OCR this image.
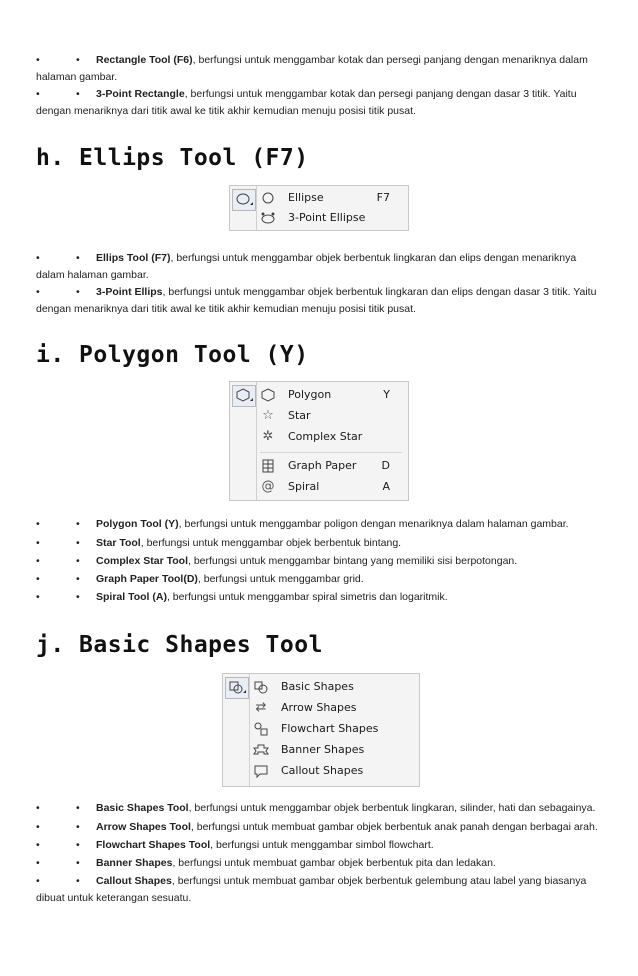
•	• Rectangle Tool (F6), berfungsi untuk menggambar kotak dan persegi panjang dengan menariknya dalam halaman gambar.
•	• 3-Point Rectangle, berfungsi untuk menggambar kotak dan persegi panjang dengan dasar 3 titik. Yaitu dengan menariknya dari titik awal ke titik akhir kemudian menuju posisi titik pusat.
h. Ellips Tool (F7)
Ellipse	F7
3-Point Ellipse
•	• Ellips Tool (F7), berfungsi untuk menggambar objek berbentuk lingkaran dan elips dengan menariknya dalam halaman gambar.
•	• 3-Point Ellips, berfungsi untuk menggambar objek berbentuk lingkaran dan elips dengan dasar 3 titik. Yaitu dengan menariknya dari titik awal ke titik akhir kemudian menuju posisi titik pusat.
i. Polygon Tool (Y)
Polygon	Y
☆ Star
✲ Complex Star
Graph Paper D
@ Spiral	A
•	• Polygon Tool (Y), berfungsi untuk menggambar poligon dengan menariknya dalam halaman gambar.
•	• Star Tool, berfungsi untuk menggambar objek berbentuk bintang.
•	• Complex Star Tool, berfungsi untuk menggambar bintang yang memiliki sisi berpotongan.
•	• Graph Paper Tool(D), berfungsi untuk menggambar grid.
•	• Spiral Tool (A), berfungsi untuk menggambar spiral simetris dan logaritmik.
j. Basic Shapes Tool
Basic Shapes
⇄ Arrow Shapes
Flowchart Shapes
Banner Shapes
Callout Shapes
•	• Basic Shapes Tool, berfungsi untuk menggambar objek berbentuk lingkaran, silinder, hati dan sebagainya.
•	• Arrow Shapes Tool, berfungsi untuk membuat gambar objek berbentuk anak panah dengan berbagai arah.
•	• Flowchart Shapes Tool, berfungsi untuk menggambar simbol flowchart.
•	• Banner Shapes, berfungsi untuk membuat gambar objek berbentuk pita dan ledakan.
•	• Callout Shapes, berfungsi untuk membuat gambar objek berbentuk gelembung atau label yang biasanya dibuat untuk keterangan sesuatu.
